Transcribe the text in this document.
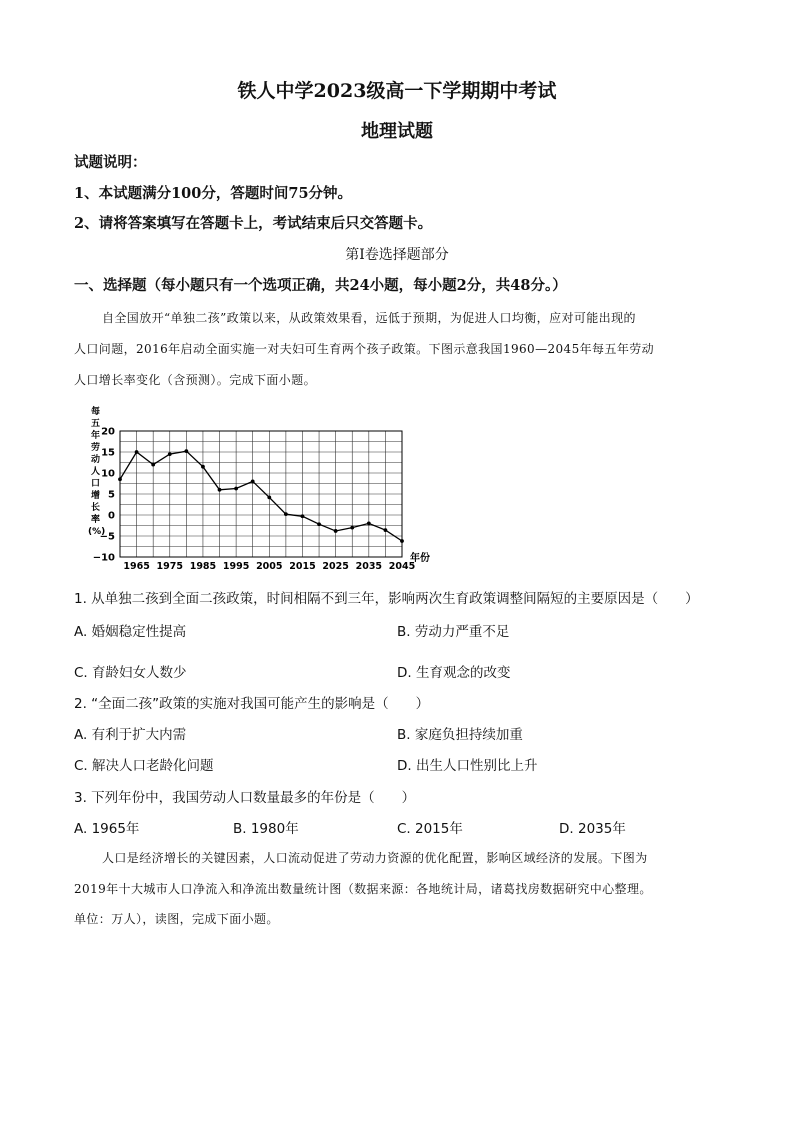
铁人中学2023级高一下学期期中考试
地理试题
试题说明：
1、本试题满分100分，答题时间75分钟。
2、请将答案填写在答题卡上，考试结束后只交答题卡。
第Ⅰ卷选择题部分
一、选择题（每小题只有一个选项正确，共24小题，每小题2分，共48分。）
自全国放开“单独二孩”政策以来，从政策效果看，远低于预期，为促进人口均衡，应对可能出现的
人口问题，2016年启动全面实施一对夫妇可生育两个孩子政策。下图示意我国1960—2045年每五年劳动
人口增长率变化（含预测）。完成下面小题。
每五年劳动人口增长率(%)
20
15
10
5
0
−5
−10
1965 1975 1985 1995 2005 2015 2025 2035 2045
年份
1. 从单独二孩到全面二孩政策，时间相隔不到三年，影响两次生育政策调整间隔短的主要原因是（　　）
A. 婚姻稳定性提高	B. 劳动力严重不足
C. 育龄妇女人数少	D. 生育观念的改变
2. “全面二孩”政策的实施对我国可能产生的影响是（　　）
A. 有利于扩大内需	B. 家庭负担持续加重
C. 解决人口老龄化问题	D. 出生人口性别比上升
3. 下列年份中，我国劳动人口数量最多的年份是（　　）
A. 1965年	B. 1980年	C. 2015年	D. 2035年
人口是经济增长的关键因素，人口流动促进了劳动力资源的优化配置，影响区域经济的发展。下图为
2019年十大城市人口净流入和净流出数量统计图（数据来源：各地统计局，诸葛找房数据研究中心整理。
单位：万人），读图，完成下面小题。
